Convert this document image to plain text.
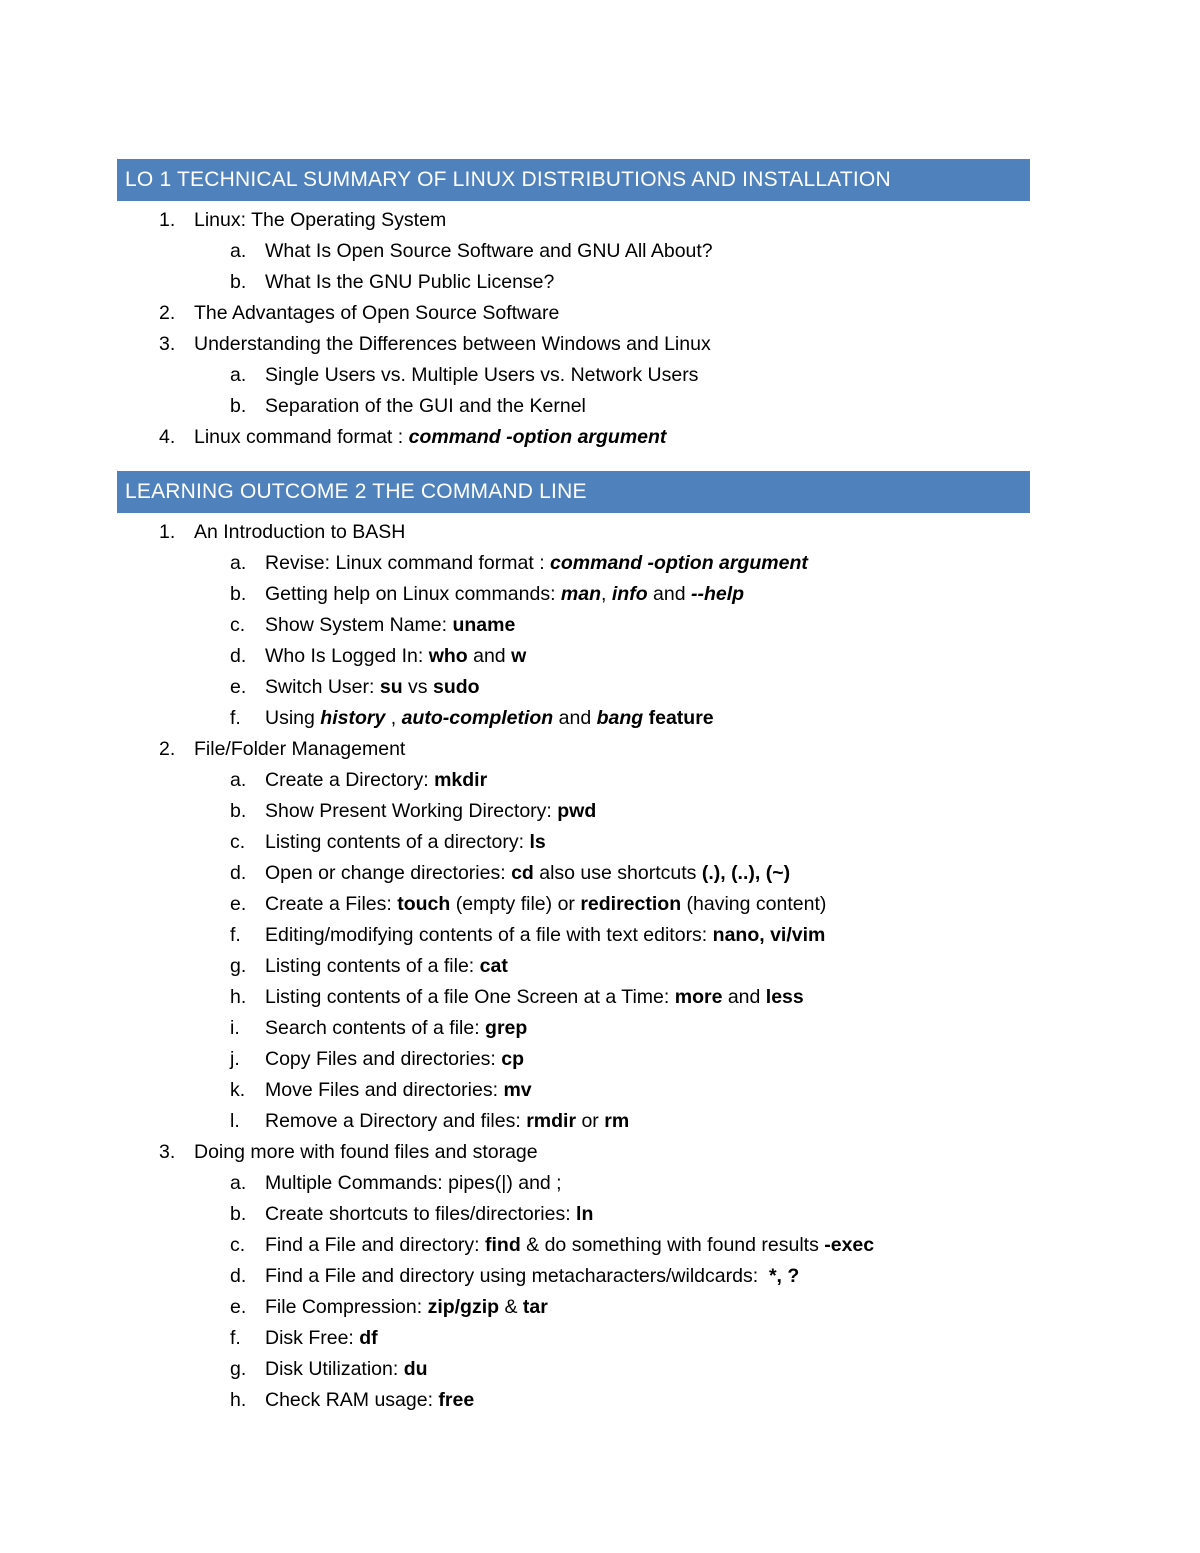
LO 1 TECHNICAL SUMMARY OF LINUX DISTRIBUTIONS AND INSTALLATION
1. Linux: The Operating System
a. What Is Open Source Software and GNU All About?
b. What Is the GNU Public License?
2. The Advantages of Open Source Software
3. Understanding the Differences between Windows and Linux
a. Single Users vs. Multiple Users vs. Network Users
b. Separation of the GUI and the Kernel
4. Linux command format : command -option argument
LEARNING OUTCOME 2 THE COMMAND LINE
1. An Introduction to BASH
a. Revise: Linux command format : command -option argument
b. Getting help on Linux commands: man, info and --help
c. Show System Name: uname
d. Who Is Logged In: who and w
e. Switch User: su vs sudo
f. Using history , auto-completion and bang feature
2. File/Folder Management
a. Create a Directory: mkdir
b. Show Present Working Directory: pwd
c. Listing contents of a directory: ls
d. Open or change directories: cd also use shortcuts (.), (..), (~)
e. Create a Files: touch (empty file) or redirection (having content)
f. Editing/modifying contents of a file with text editors: nano, vi/vim
g. Listing contents of a file: cat
h. Listing contents of a file One Screen at a Time: more and less
i. Search contents of a file: grep
j. Copy Files and directories: cp
k. Move Files and directories: mv
l. Remove a Directory and files: rmdir or rm
3. Doing more with found files and storage
a. Multiple Commands: pipes(|) and ;
b. Create shortcuts to files/directories: ln
c. Find a File and directory: find & do something with found results -exec
d. Find a File and directory using metacharacters/wildcards:  *, ?
e. File Compression: zip/gzip & tar
f. Disk Free: df
g. Disk Utilization: du
h. Check RAM usage: free
